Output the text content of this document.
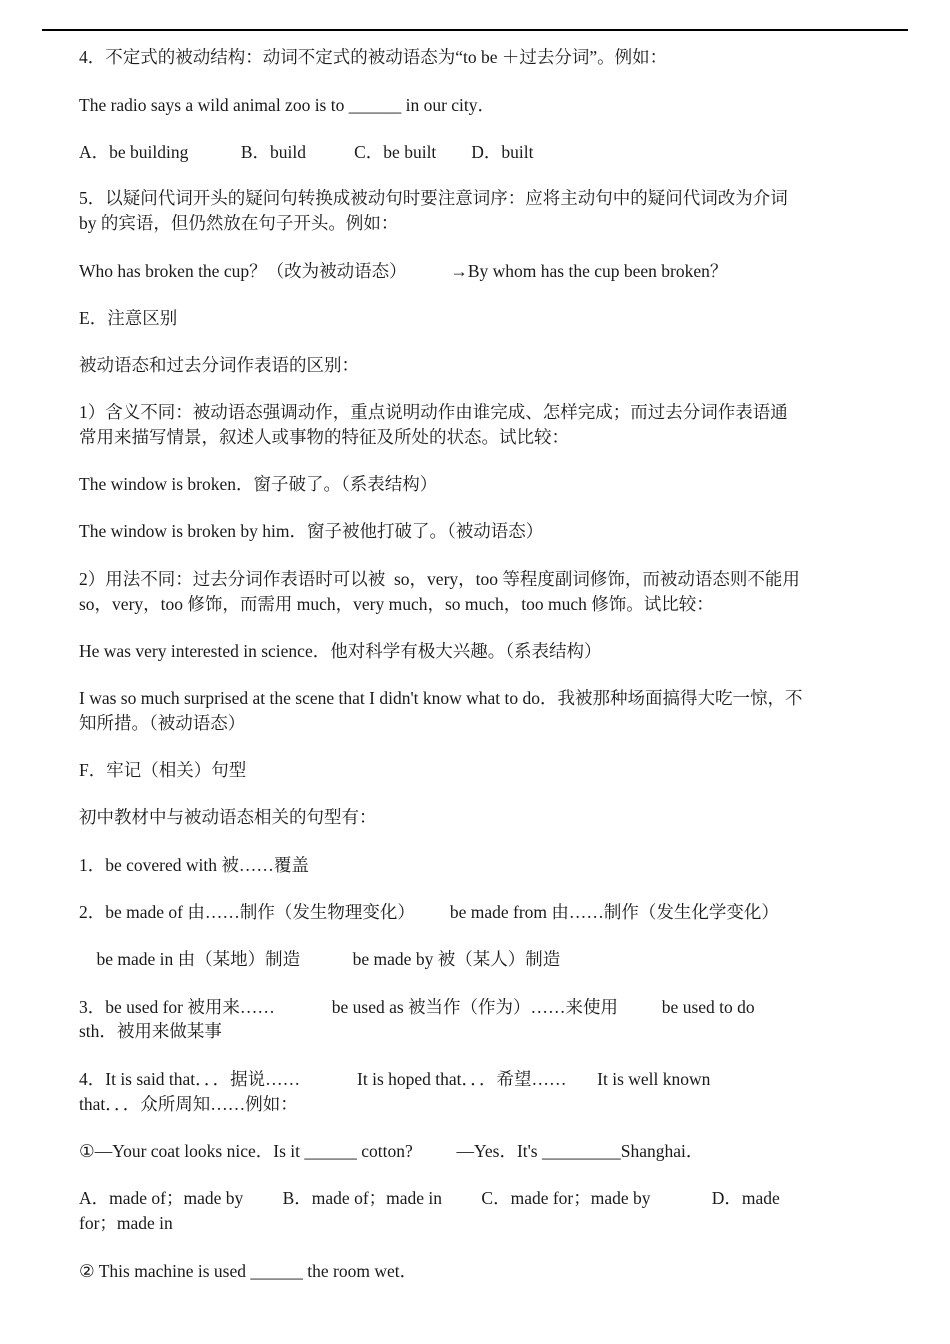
4．不定式的被动结构：动词不定式的被动语态为“to be ＋过去分词”。例如：
The radio says a wild animal zoo is to ______ in our city．
A．be building            B．build           C．be built        D．built
5．以疑问代词开头的疑问句转换成被动句时要注意词序：应将主动句中的疑问代词改为介词
by 的宾语，但仍然放在句子开头。例如：
Who has broken the cup？（改为被动语态）          →By whom has the cup been broken？
E．注意区别
被动语态和过去分词作表语的区别：
1）含义不同：被动语态强调动作，重点说明动作由谁完成、怎样完成；而过去分词作表语通
常用来描写情景，叙述人或事物的特征及所处的状态。试比较：
The window is broken．窗子破了。（系表结构）
The window is broken by him．窗子被他打破了。（被动语态）
2）用法不同：过去分词作表语时可以被  so，very，too 等程度副词修饰，而被动语态则不能用
so，very，too 修饰，而需用 much，very much，so much，too much 修饰。试比较：
He was very interested in science．他对科学有极大兴趣。（系表结构）
I was so much surprised at the scene that I didn't know what to do．我被那种场面搞得大吃一惊，不
知所措。（被动语态）
F．牢记（相关）句型
初中教材中与被动语态相关的句型有：
1．be covered with 被……覆盖
2．be made of 由……制作（发生物理变化）        be made from 由……制作（发生化学变化）
be made in 由（某地）制造            be made by 被（某人）制造
3．be used for 被用来……             be used as 被当作（作为）……来使用          be used to do
sth．被用来做某事
4．It is said that．．．据说……             It is hoped that．．．希望……       It is well known
that．．．众所周知……例如：
①—Your coat looks nice．Is it ______ cotton?          —Yes．It's _________Shanghai．
A．made of；made by         B．made of；made in         C．made for；made by              D．made
for；made in
② This machine is used ______ the room wet．
